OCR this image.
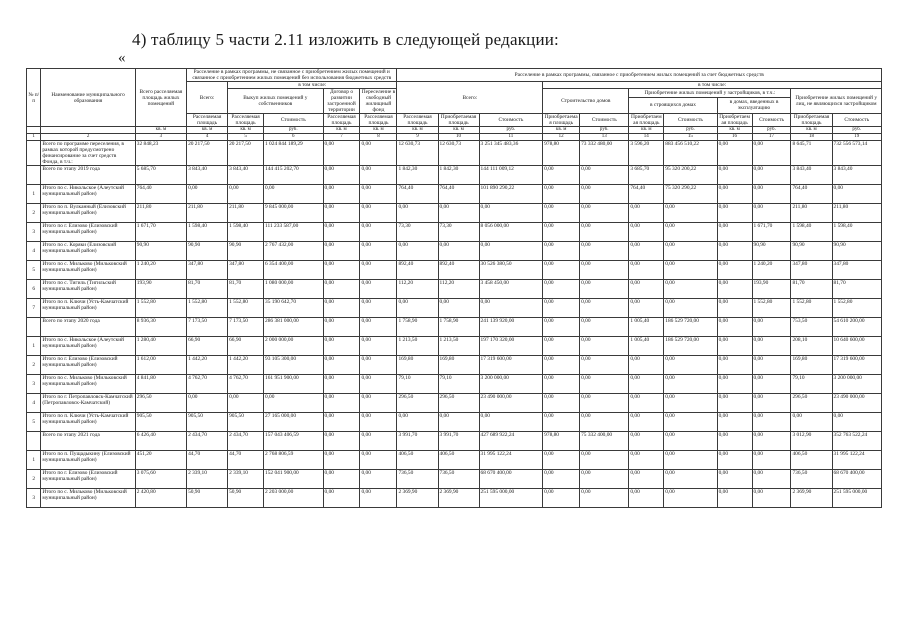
4) таблицу 5 части 2.11 изложить в следующей редакции:
«
№ п/п	Наименование муниципального образования	Всего расселяемая площадь жилых помещений	Расселение в рамках программы, не связанное с приобретением жилых помещений и связанное с приобретением жилых помещений без использования бюджетных средств					Расселение в рамках программы, связанное с приобретением жилых помещений за счет бюджетных средств										
			Всего:	в том числе:				Всего:			в том числе:							
				Выкуп жилых помещений у собственников		Договор о развитии застроенной территории	Переселение в свободный жилищный фонд				Строительство домов		Приобретение жилых помещений у застройщиков, в т.ч.:				Приобретение жилых помещений у лиц, не являющихся застройщиком	
													в строящихся домах		в домах, введенных в эксплуатацию			
			Расселяемая площадь	Расселяемая площадь	Стоимость	Расселяемая площадь	Расселяемая площадь	Расселяемая площадь	Приобретаемая площадь	Стоимость	Приобретаемая площадь	Стоимость	Приобретаемая площадь	Стоимость	Приобретаемая площадь	Стоимость	Приобретаемая площадь	Стоимость
		кв. м	кв. м	кв. м	руб.	кв. м	кв. м	кв. м	кв. м	руб.	кв. м	руб.	кв. м	руб.	кв. м	руб.	кв. м	руб.
1	2	3	4	5	6	7	8	9	10	11	12	13	14	15	16	17	18	19
	Всего по программе переселения, в рамках которой предусмотрено финансирование за счет средств Фонда, в т.ч.:	32 848,23	20 217,50	20 217,50	1 024 844 189,29	0,00	0,00	12 630,73	12 630,73	3 251 345 483,36	978,80	73 332 480,00	3 596,20	883 456 510,22	0,00	0,00	8 645,71	732 556 573,14
	Всего по этапу 2019 года	5 685,70	3 843,40	3 843,40	144 415 202,70	0,00	0,00	1 842,30	1 842,30	144 111 009,12	0,00	0,00	3 685,70	95 320 200,22	0,00	0,00	3 843,40	3 843,40
1	Итого по с. Никольское (Алеутский муниципальный район)	764,40	0,00	0,00	0,00	0,00	0,00	764,40	764,40	101 890 290,22	0,00	0,00	764,40	75 320 290,22	0,00	0,00	764,40	0,00
2	Итого по п. Вулканный (Елизовский муниципальный район)	211,80	211,80	211,80	9 845 000,00	0,00	0,00	0,00	0,00	0,00	0,00	0,00	0,00	0,00	0,00	0,00	211,80	211,80
3	Итого по г. Елизово (Елизовский муниципальный район)	1 671,70	1 598,40	1 598,40	111 233 587,00	0,00	0,00	73,30	73,30	8 056 000,00	0,00	0,00	0,00	0,00	0,00	1 671,70	1 598,40	1 598,40
4	Итого по с. Коряки (Елизовский муниципальный район)	90,90	90,90	90,90	2 767 432,00	0,00	0,00	0,00	0,00	0,00	0,00	0,00	0,00	0,00	0,00	90,90	90,90	90,90
5	Итого по с. Мильково (Мильковский муниципальный район)	1 240,20	347,80	347,80	6 354 400,00	0,00	0,00	892,40	892,40	30 526 380,50	0,00	0,00	0,00	0,00	0,00	1 240,20	347,80	347,80
6	Итого по с. Тигиль (Тигильский муниципальный район)	193,90	81,70	81,70	1 080 000,00	0,00	0,00	112,20	112,20	3 458 450,00	0,00	0,00	0,00	0,00	0,00	193,90	81,70	81,70
7	Итого по п. Ключи (Усть-Камчатский муниципальный район)	1 552,80	1 552,80	1 552,80	35 190 642,70	0,00	0,00	0,00	0,00	0,00	0,00	0,00	0,00	0,00	0,00	1 552,80	1 552,80	1 552,80
	Всего по этапу 2020 года	8 936,30	7 173,50	7 173,50	286 381 000,00	0,00	0,00	1 758,90	1 758,90	241 139 920,00	0,00	0,00	1 005,40	186 529 720,00	0,00	0,00	753,50	54 610 200,00
1	Итого по с. Никольское (Алеутский муниципальный район)	1 280,40	66,90	66,90	2 000 000,00	0,00	0,00	1 213,50	1 213,50	197 170 320,00	0,00	0,00	1 005,40	186 529 720,00	0,00	0,00	208,10	10 640 600,00
2	Итого по г. Елизово (Елизовский муниципальный район)	1 612,00	1 442,20	1 442,20	93 105 300,00	0,00	0,00	169,80	169,80	17 319 600,00	0,00	0,00	0,00	0,00	0,00	0,00	169,80	17 319 600,00
3	Итого по с. Мильково (Мильковский муниципальный район)	4 841,80	4 762,70	4 762,70	161 951 900,00	0,00	0,00	79,10	79,10	3 200 000,00	0,00	0,00	0,00	0,00	0,00	0,00	79,10	3 200 000,00
4	Итого по г. Петропавловск-Камчатский (Петропавловск-Камчатский)	296,50	0,00	0,00	0,00	0,00	0,00	296,50	296,50	23 490 000,00	0,00	0,00	0,00	0,00	0,00	0,00	296,50	23 490 000,00
5	Итого по п. Ключи (Усть-Камчатский муниципальный район)	905,50	905,50	905,50	27 165 000,00	0,00	0,00	0,00	0,00	0,00	0,00	0,00	0,00	0,00	0,00	0,00	0,00	0,00
	Всего по этапу 2021 года	6 426,40	2 434,70	2 434,70	157 043 406,59	0,00	0,00	3 991,70	3 991,70	427 689 922,24	978,80	75 332 400,00	0,00	0,00	0,00	0,00	3 012,90	352 763 522,24
1	Итого по п. Пущадыкину (Елизовский муниципальный район)	451,20	44,70	44,70	2 768 806,59	0,00	0,00	406,50	406,50	31 995 122,24	0,00	0,00	0,00	0,00	0,00	0,00	406,50	31 995 122,24
2	Итого по г. Елизово (Елизовский муниципальный район)	3 075,60	2 339,10	2 339,10	152 041 900,00	0,00	0,00	736,50	736,50	68 670 400,00	0,00	0,00	0,00	0,00	0,00	0,00	736,50	68 670 400,00
3	Итого по с. Мильково (Мильковский муниципальный район)	2 420,80	50,90	50,90	2 203 000,00	0,00	0,00	2 369,90	2 369,90	251 595 000,00	0,00	0,00	0,00	0,00	0,00	0,00	2 369,90	251 595 000,00
